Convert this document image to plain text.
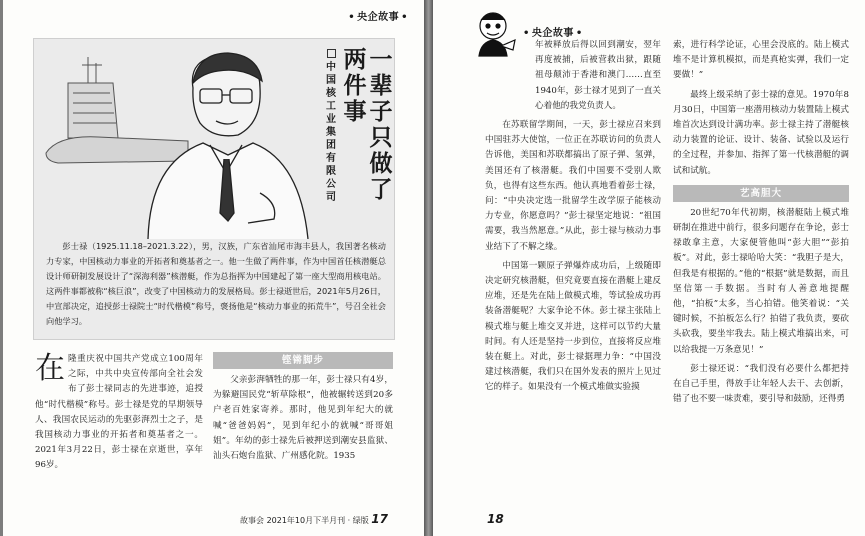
• 央企故事 •
一辈子只做了
两件事
中国核工业集团有限公司
彭士禄（1925.11.18–2021.3.22），男，汉族，广东省汕尾市海丰县人，我国著名核动力专家，中国核动力事业的开拓者和奠基者之一。他一生做了两件事，作为中国首任核潜艇总设计师研制发展设计了“深海利器”核潜艇，作为总指挥为中国建起了第一座大型商用核电站。这两件事都被称“核巨浪”，改变了中国核动力的发展格局。彭士禄逝世后，2021年5月26日，中宣部决定，追授彭士禄院士“时代楷模”称号，褒扬他是“核动力事业的拓荒牛”，号召全社会向他学习。

在隆重庆祝中国共产党成立100周年之际，中共中央宣传部向全社会发布了彭士禄同志的先进事迹，追授他“时代楷模”称号。彭士禄是党的早期领导人、我国农民运动的先驱彭湃烈士之子，是我国核动力事业的开拓者和奠基者之一。2021年3月22日，彭士禄在京逝世，享年96岁。

铿锵脚步

父亲彭湃牺牲的那一年，彭士禄只有4岁，为躲避国民党“斩草除根”，他被辗转送到20多户老百姓家寄养。那时，他见到年纪大的就喊“爸爸妈妈”，见到年纪小的就喊“哥哥姐姐”。年幼的彭士禄先后被押送到潮安县监狱、汕头石炮台监狱、广州感化院。1935

故事会 2021年10月下半月刊 · 绿版 17
• 央企故事 •

年被释放后得以回到潮安，翌年再度被捕，后被营救出狱，跟随祖母颠沛于香港和澳门……直至1940年，彭士禄才见到了一直关心着他的我党负责人。

在苏联留学期间，一天，彭士禄应召来到中国驻苏大使馆，一位正在苏联访问的负责人告诉他，美国和苏联都搞出了原子弹、氢弹，美国还有了核潜艇。我们中国要不受别人欺负，也得有这些东西。他认真地看着彭士禄，问：“中央决定选一批留学生改学原子能核动力专业，你愿意吗？”彭士禄坚定地说：“祖国需要，我当然愿意。”从此，彭士禄与核动力事业结下了不解之缘。

中国第一颗原子弹爆炸成功后，上级随即决定研究核潜艇，但究竟要直接在潜艇上建反应堆，还是先在陆上做模式堆，等试验成功再装备潜艇呢？大家争论不休。彭士禄主张陆上模式堆与艇上堆交叉并进，这样可以节约大量时间。有人还是坚持一步到位，直接将反应堆装在艇上。对此，彭士禄据理力争：“中国没建过核潜艇，我们只在国外发表的照片上见过它的样子。如果没有一个模式堆做实验摸

索，进行科学论证，心里会没底的。陆上模式堆不是计算机模拟，而是真枪实弹，我们一定要做！”

最终上级采纳了彭士禄的意见。1970年8月30日，中国第一座潜用核动力装置陆上模式堆首次达到设计满功率。彭士禄主持了潜艇核动力装置的论证、设计、装备、试验以及运行的全过程，并参加、指挥了第一代核潜艇的调试和试航。

艺高胆大

20世纪70年代初期，核潜艇陆上模式堆研制在推进中前行，很多问题存在争论，彭士禄敢拿主意，大家便管他叫“彭大胆”“彭拍板”。对此，彭士禄哈哈大笑：“我胆子是大，但我是有根据的。”他的“根据”就是数据，而且坚信第一手数据。当时有人善意地提醒他，“拍板”太多，当心拍错。他笑着说：“关键时候，不拍板怎么行？拍错了我负责，要砍头砍我，要坐牢我去。陆上模式堆搞出来，可以给我提一万条意见！”

彭士禄还说：“我们没有必要什么都把持在自己手里，得放手让年轻人去干、去创新，错了也不要一味责难，要引导和鼓励，还得勇

18
